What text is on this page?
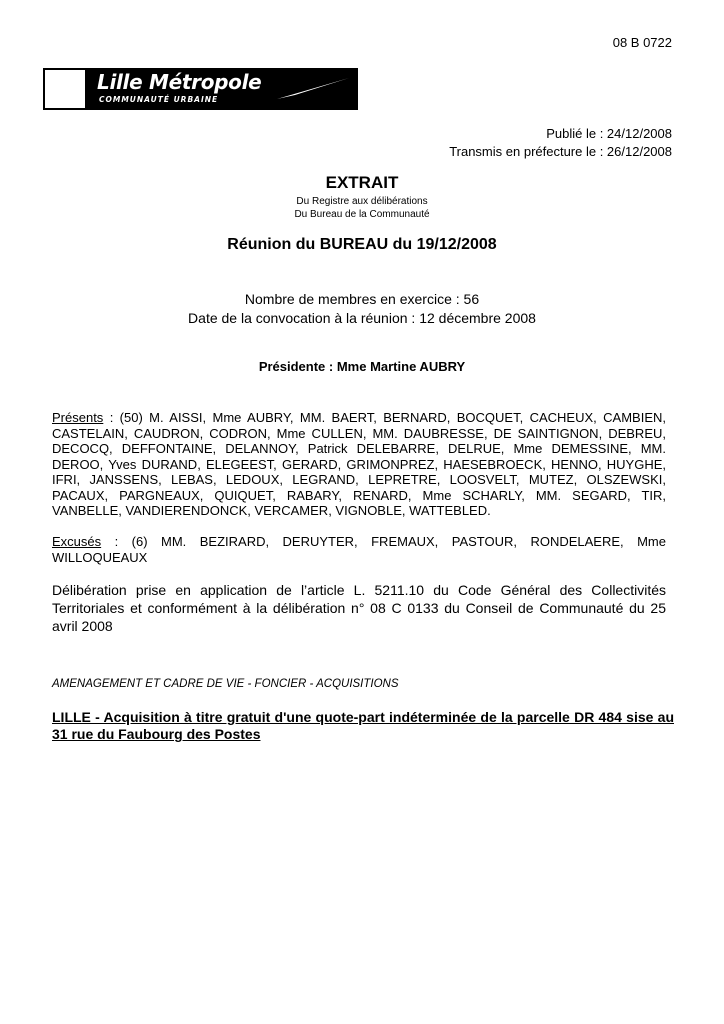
08 B 0722
Lille Métropole
COMMUNAUTÉ URBAINE
Publié le : 24/12/2008
Transmis en préfecture le : 26/12/2008
EXTRAIT
Du Registre aux délibérations
Du Bureau de la Communauté
Réunion du BUREAU du 19/12/2008
Nombre de membres en exercice : 56
Date de la convocation à la réunion : 12 décembre 2008
Présidente : Mme Martine AUBRY
Présents : (50) M. AISSI, Mme AUBRY, MM. BAERT, BERNARD, BOCQUET, CACHEUX, CAMBIEN, CASTELAIN, CAUDRON, CODRON, Mme CULLEN, MM. DAUBRESSE, DE SAINTIGNON, DEBREU, DECOCQ, DEFFONTAINE, DELANNOY, Patrick DELEBARRE, DELRUE, Mme DEMESSINE, MM. DEROO, Yves DURAND, ELEGEEST, GERARD, GRIMONPREZ, HAESEBROECK, HENNO, HUYGHE, IFRI, JANSSENS, LEBAS, LEDOUX, LEGRAND, LEPRETRE, LOOSVELT, MUTEZ, OLSZEWSKI, PACAUX, PARGNEAUX, QUIQUET, RABARY, RENARD, Mme SCHARLY, MM. SEGARD, TIR, VANBELLE, VANDIERENDONCK, VERCAMER, VIGNOBLE, WATTEBLED.
Excusés : (6) MM. BEZIRARD, DERUYTER, FREMAUX, PASTOUR, RONDELAERE, Mme WILLOQUEAUX
Délibération prise en application de l’article L. 5211.10 du Code Général des Collectivités Territoriales et conformément à la délibération n° 08 C 0133 du Conseil de Communauté du 25 avril 2008
AMENAGEMENT ET CADRE DE VIE - FONCIER - ACQUISITIONS
LILLE - Acquisition à titre gratuit d'une quote-part indéterminée de la parcelle DR 484 sise au 31 rue du Faubourg des Postes
